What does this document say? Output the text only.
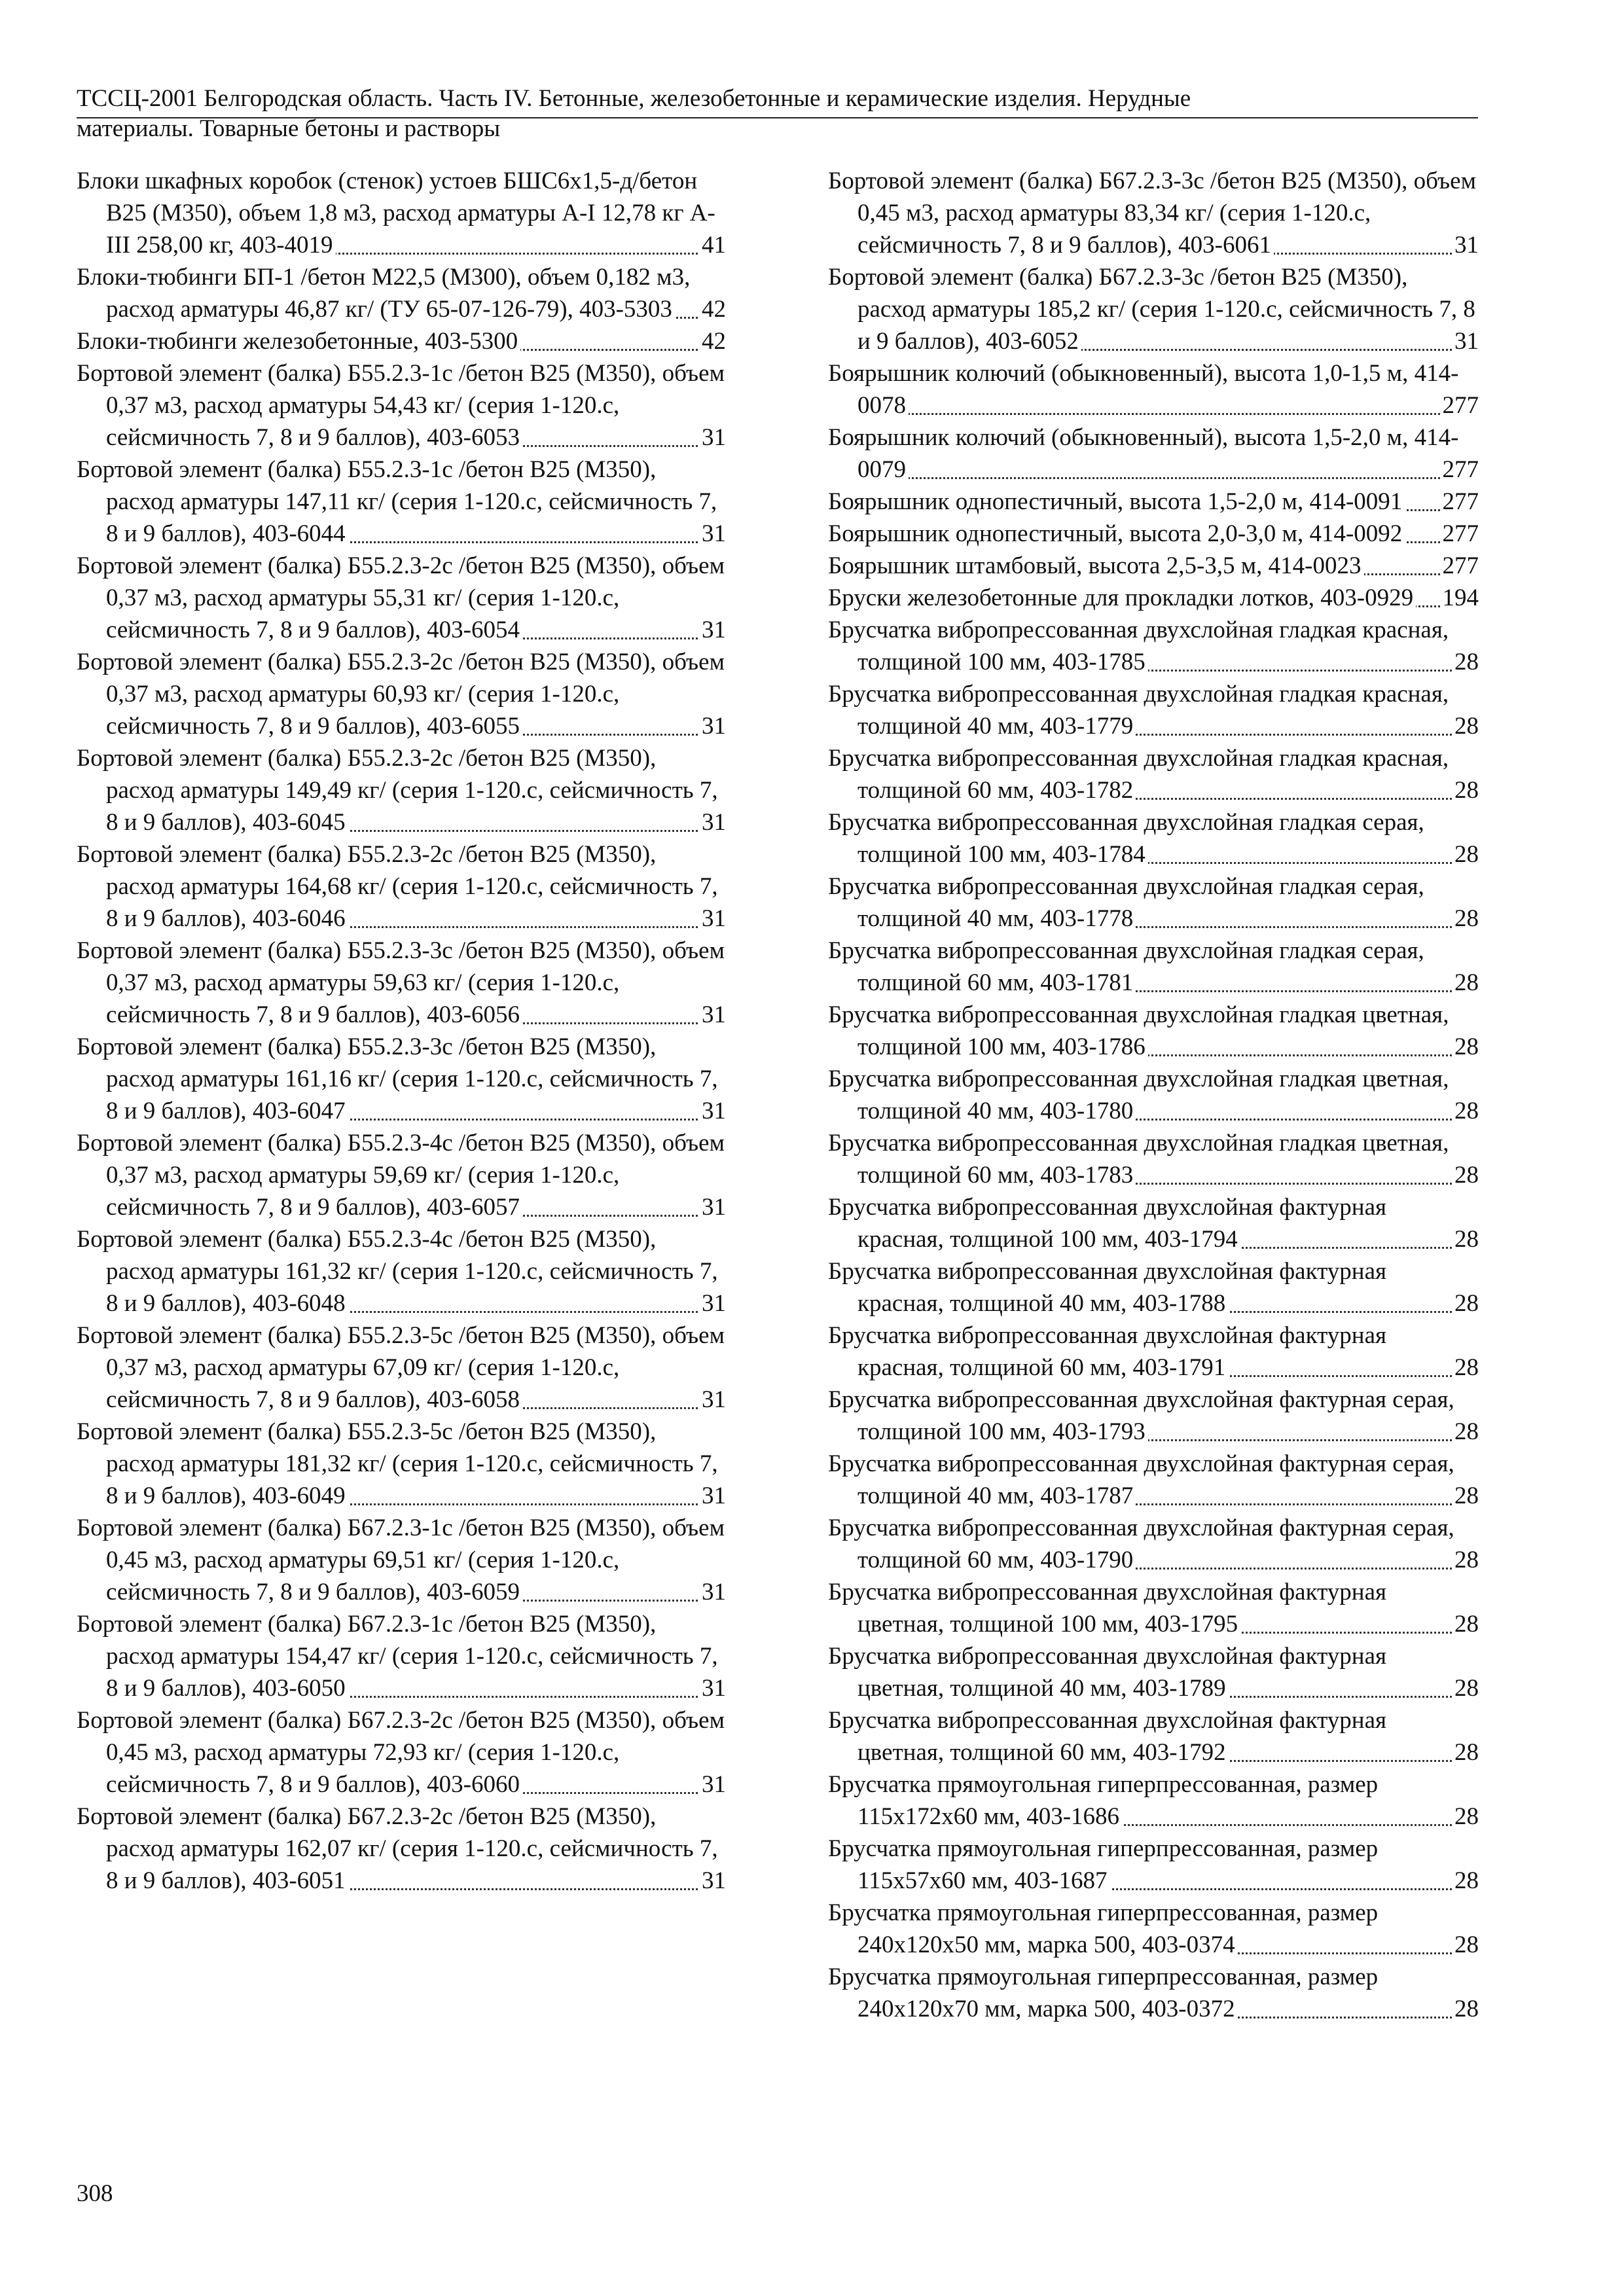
ТССЦ-2001 Белгородская область. Часть IV. Бетонные, железобетонные и керамические изделия. Нерудные
материалы. Товарные бетоны и растворы

Блоки шкафных коробок (стенок) устоев БШС6х1,5-д/бетон В25 (М350), объем 1,8 м3, расход арматуры А-I 12,78 кг А-III 258,00 кг, 403-4019	41

Блоки-тюбинги БП-1 /бетон М22,5 (М300), объем 0,182 м3, расход арматуры 46,87 кг/ (ТУ 65-07-126-79), 403-5303 42

Блоки-тюбинги железобетонные, 403-5300	42

Бортовой элемент (балка) Б55.2.3-1с /бетон В25 (М350), объем 0,37 м3, расход арматуры 54,43 кг/ (серия 1-120.с, сейсмичность 7, 8 и 9 баллов), 403-6053	31

Бортовой элемент (балка) Б55.2.3-1с /бетон В25 (М350), расход арматуры 147,11 кг/ (серия 1-120.с, сейсмичность 7, 8 и 9 баллов), 403-6044	31

Бортовой элемент (балка) Б55.2.3-2с /бетон В25 (М350), объем 0,37 м3, расход арматуры 55,31 кг/ (серия 1-120.с, сейсмичность 7, 8 и 9 баллов), 403-6054	31

Бортовой элемент (балка) Б55.2.3-2с /бетон В25 (М350), объем 0,37 м3, расход арматуры 60,93 кг/ (серия 1-120.с, сейсмичность 7, 8 и 9 баллов), 403-6055	31

Бортовой элемент (балка) Б55.2.3-2с /бетон В25 (М350), расход арматуры 149,49 кг/ (серия 1-120.с, сейсмичность 7, 8 и 9 баллов), 403-6045	31

Бортовой элемент (балка) Б55.2.3-2с /бетон В25 (М350), расход арматуры 164,68 кг/ (серия 1-120.с, сейсмичность 7, 8 и 9 баллов), 403-6046	31

Бортовой элемент (балка) Б55.2.3-3с /бетон В25 (М350), объем 0,37 м3, расход арматуры 59,63 кг/ (серия 1-120.с, сейсмичность 7, 8 и 9 баллов), 403-6056	31

Бортовой элемент (балка) Б55.2.3-3с /бетон В25 (М350), расход арматуры 161,16 кг/ (серия 1-120.с, сейсмичность 7, 8 и 9 баллов), 403-6047	31

Бортовой элемент (балка) Б55.2.3-4с /бетон В25 (М350), объем 0,37 м3, расход арматуры 59,69 кг/ (серия 1-120.с, сейсмичность 7, 8 и 9 баллов), 403-6057	31

Бортовой элемент (балка) Б55.2.3-4с /бетон В25 (М350), расход арматуры 161,32 кг/ (серия 1-120.с, сейсмичность 7, 8 и 9 баллов), 403-6048	31

Бортовой элемент (балка) Б55.2.3-5с /бетон В25 (М350), объем 0,37 м3, расход арматуры 67,09 кг/ (серия 1-120.с, сейсмичность 7, 8 и 9 баллов), 403-6058	31

Бортовой элемент (балка) Б55.2.3-5с /бетон В25 (М350), расход арматуры 181,32 кг/ (серия 1-120.с, сейсмичность 7, 8 и 9 баллов), 403-6049	31

Бортовой элемент (балка) Б67.2.3-1с /бетон В25 (М350), объем 0,45 м3, расход арматуры 69,51 кг/ (серия 1-120.с, сейсмичность 7, 8 и 9 баллов), 403-6059	31

Бортовой элемент (балка) Б67.2.3-1с /бетон В25 (М350), расход арматуры 154,47 кг/ (серия 1-120.с, сейсмичность 7, 8 и 9 баллов), 403-6050	31

Бортовой элемент (балка) Б67.2.3-2с /бетон В25 (М350), объем 0,45 м3, расход арматуры 72,93 кг/ (серия 1-120.с, сейсмичность 7, 8 и 9 баллов), 403-6060	31

Бортовой элемент (балка) Б67.2.3-2с /бетон В25 (М350), расход арматуры 162,07 кг/ (серия 1-120.с, сейсмичность 7, 8 и 9 баллов), 403-6051	31

Бортовой элемент (балка) Б67.2.3-3с /бетон В25 (М350), объем 0,45 м3, расход арматуры 83,34 кг/ (серия 1-120.с, сейсмичность 7, 8 и 9 баллов), 403-6061	31

Бортовой элемент (балка) Б67.2.3-3с /бетон В25 (М350), расход арматуры 185,2 кг/ (серия 1-120.с, сейсмичность 7, 8 и 9 баллов), 403-6052	31

Боярышник колючий (обыкновенный), высота 1,0-1,5 м, 414-0078	277

Боярышник колючий (обыкновенный), высота 1,5-2,0 м, 414-0079	277

Боярышник однопестичный, высота 1,5-2,0 м, 414-0091 277

Боярышник однопестичный, высота 2,0-3,0 м, 414-0092 277

Боярышник штамбовый, высота 2,5-3,5 м, 414-0023	277

Бруски железобетонные для прокладки лотков, 403-0929 194

Брусчатка вибропрессованная двухслойная гладкая красная, толщиной 100 мм, 403-1785	28

Брусчатка вибропрессованная двухслойная гладкая красная, толщиной 40 мм, 403-1779	28

Брусчатка вибропрессованная двухслойная гладкая красная, толщиной 60 мм, 403-1782	28

Брусчатка вибропрессованная двухслойная гладкая серая, толщиной 100 мм, 403-1784	28

Брусчатка вибропрессованная двухслойная гладкая серая, толщиной 40 мм, 403-1778	28

Брусчатка вибропрессованная двухслойная гладкая серая, толщиной 60 мм, 403-1781	28

Брусчатка вибропрессованная двухслойная гладкая цветная, толщиной 100 мм, 403-1786	28

Брусчатка вибропрессованная двухслойная гладкая цветная, толщиной 40 мм, 403-1780	28

Брусчатка вибропрессованная двухслойная гладкая цветная, толщиной 60 мм, 403-1783	28

Брусчатка вибропрессованная двухслойная фактурная красная, толщиной 100 мм, 403-1794	28

Брусчатка вибропрессованная двухслойная фактурная красная, толщиной 40 мм, 403-1788	28

Брусчатка вибропрессованная двухслойная фактурная красная, толщиной 60 мм, 403-1791	28

Брусчатка вибропрессованная двухслойная фактурная серая, толщиной 100 мм, 403-1793	28

Брусчатка вибропрессованная двухслойная фактурная серая, толщиной 40 мм, 403-1787	28

Брусчатка вибропрессованная двухслойная фактурная серая, толщиной 60 мм, 403-1790	28

Брусчатка вибропрессованная двухслойная фактурная цветная, толщиной 100 мм, 403-1795	28

Брусчатка вибропрессованная двухслойная фактурная цветная, толщиной 40 мм, 403-1789	28

Брусчатка вибропрессованная двухслойная фактурная цветная, толщиной 60 мм, 403-1792	28

Брусчатка прямоугольная гиперпрессованная, размер 115х172х60 мм, 403-1686	28

Брусчатка прямоугольная гиперпрессованная, размер 115х57х60 мм, 403-1687	28

Брусчатка прямоугольная гиперпрессованная, размер 240х120х50 мм, марка 500, 403-0374	28

Брусчатка прямоугольная гиперпрессованная, размер 240х120х70 мм, марка 500, 403-0372	28

308
